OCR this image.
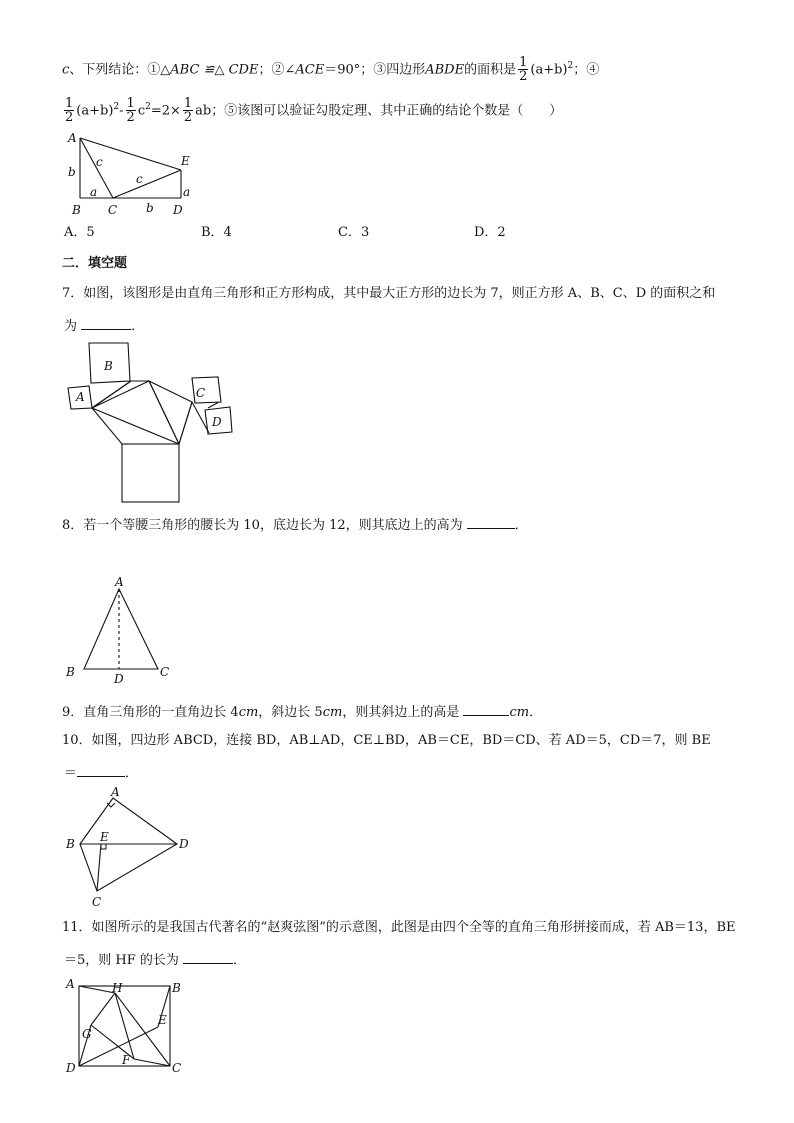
c、下列结论：①△ABC ≌△ CDE；②∠ACE＝90°；③四边形ABDE的面积是 $\frac{1}{2} (a+b)^2$；④
$\frac{1}{2} (a+b)^2- \frac{1}{2} c^2=2\times \frac{1}{2}$ ab；⑤该图可以验证勾股定理、其中正确的结论个数是（　　）
A
B C	D
E
b
a
c
c
b
a
A．5	B．4	C．3	D．2
二．填空题
7．如图，该图形是由直角三角形和正方形构成，其中最大正方形的边长为 7，则正方形 A、B、C、D 的面积之和
为	．
B
A	C
D
8．若一个等腰三角形的腰长为 10，底边长为 12，则其底边上的高为	．
A
B	C
D
9．直角三角形的一直角边长 4cm，斜边长 5cm，则其斜边上的高是	cm．
10．如图，四边形 ABCD，连接 BD，AB⊥AD，CE⊥BD，AB＝CE，BD＝CD、若 AD＝5，CD＝7，则 BE
＝	．
A
B	D
E
C
11．如图所示的是我国古代著名的“赵爽弦图”的示意图，此图是由四个全等的直角三角形拼接而成，若 AB＝13，BE
＝5，则 HF 的长为	．
A	B
C
D
E
F
G
H
